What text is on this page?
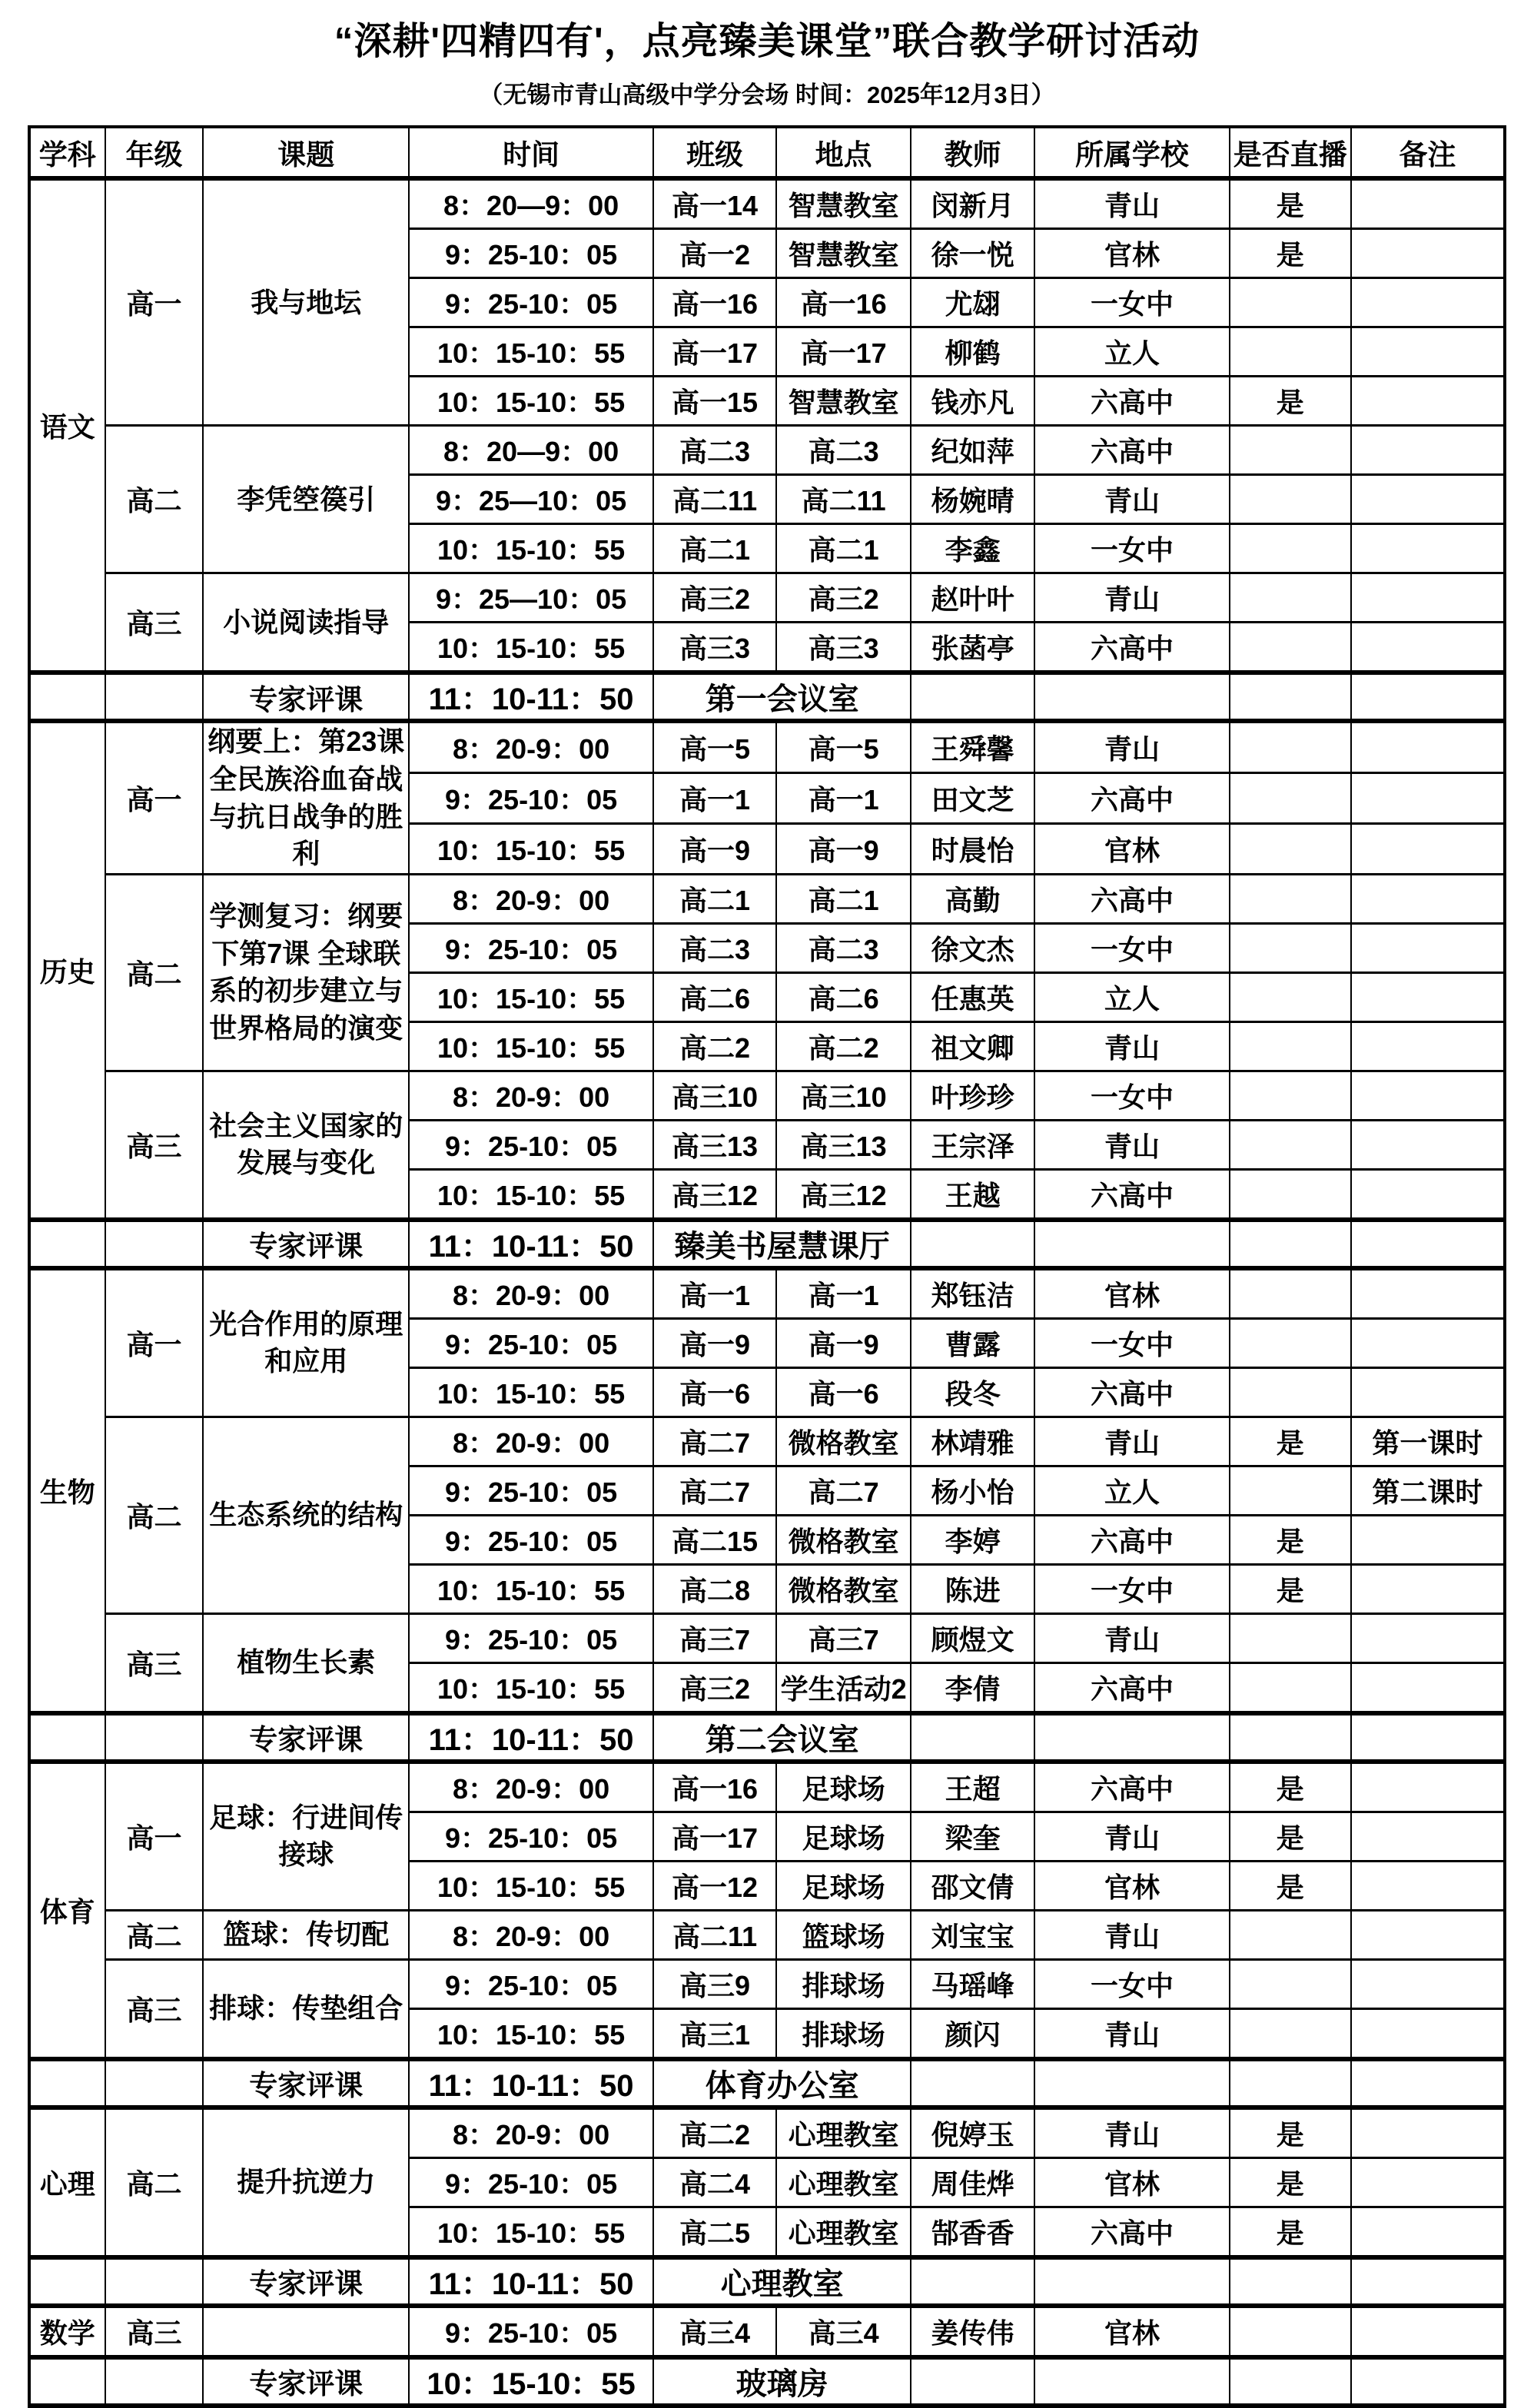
“深耕'四精四有'，点亮臻美课堂”联合教学研讨活动
（无锡市青山高级中学分会场 时间：2025年12月3日）
学科	年级	课题	时间	班级	地点	教师	所属学校	是否直播	备注
语文	高一	我与地坛	8：20—9：00	高一14	智慧教室	闵新月	青山	是	
			9：25-10：05	高一2	智慧教室	徐一悦	官林	是	
			9：25-10：05	高一16	高一16	尤翃	一女中		
			10：15-10：55	高一17	高一17	柳鹤	立人		
			10：15-10：55	高一15	智慧教室	钱亦凡	六高中	是	
	高二	李凭箜篌引	8：20—9：00	高二3	高二3	纪如萍	六高中		
			9：25—10：05	高二11	高二11	杨婉晴	青山		
			10：15-10：55	高二1	高二1	李鑫	一女中		
	高三	小说阅读指导	9：25—10：05	高三2	高三2	赵叶叶	青山		
			10：15-10：55	高三3	高三3	张菡亭	六高中		
		专家评课	11：10-11：50	第一会议室					
历史	高一	纲要上：第23课 全民族浴血奋战与抗日战争的胜利	8：20-9：00	高一5	高一5	王舜馨	青山		
			9：25-10：05	高一1	高一1	田文芝	六高中		
			10：15-10：55	高一9	高一9	时晨怡	官林		
	高二	学测复习：纲要下第7课 全球联系的初步建立与世界格局的演变	8：20-9：00	高二1	高二1	高勤	六高中		
			9：25-10：05	高二3	高二3	徐文杰	一女中		
			10：15-10：55	高二6	高二6	任惠英	立人		
			10：15-10：55	高二2	高二2	祖文卿	青山		
	高三	社会主义国家的发展与变化	8：20-9：00	高三10	高三10	叶珍珍	一女中		
			9：25-10：05	高三13	高三13	王宗泽	青山		
			10：15-10：55	高三12	高三12	王越	六高中		
		专家评课	11：10-11：50	臻美书屋慧课厅					
生物	高一	光合作用的原理和应用	8：20-9：00	高一1	高一1	郑钰洁	官林		
			9：25-10：05	高一9	高一9	曹露	一女中		
			10：15-10：55	高一6	高一6	段冬	六高中		
	高二	生态系统的结构	8：20-9：00	高二7	微格教室	林靖雅	青山	是	第一课时
			9：25-10：05	高二7	高二7	杨小怡	立人		第二课时
			9：25-10：05	高二15	微格教室	李婷	六高中	是	
			10：15-10：55	高二8	微格教室	陈进	一女中	是	
	高三	植物生长素	9：25-10：05	高三7	高三7	顾煜文	青山		
			10：15-10：55	高三2	学生活动2	李倩	六高中		
		专家评课	11：10-11：50	第二会议室					
体育	高一	足球：行进间传接球	8：20-9：00	高一16	足球场	王超	六高中	是	
			9：25-10：05	高一17	足球场	梁奎	青山	是	
			10：15-10：55	高一12	足球场	邵文倩	官林	是	
	高二	篮球：传切配	8：20-9：00	高二11	篮球场	刘宝宝	青山		
	高三	排球：传垫组合	9：25-10：05	高三9	排球场	马瑶峰	一女中		
			10：15-10：55	高三1	排球场	颜闪	青山		
		专家评课	11：10-11：50	体育办公室					
心理	高二	提升抗逆力	8：20-9：00	高二2	心理教室	倪婷玉	青山	是	
			9：25-10：05	高二4	心理教室	周佳烨	官林	是	
			10：15-10：55	高二5	心理教室	郜香香	六高中	是	
		专家评课	11：10-11：50	心理教室					
数学	高三		9：25-10：05	高三4	高三4	姜传伟	官林		
		专家评课	10：15-10：55	玻璃房					
